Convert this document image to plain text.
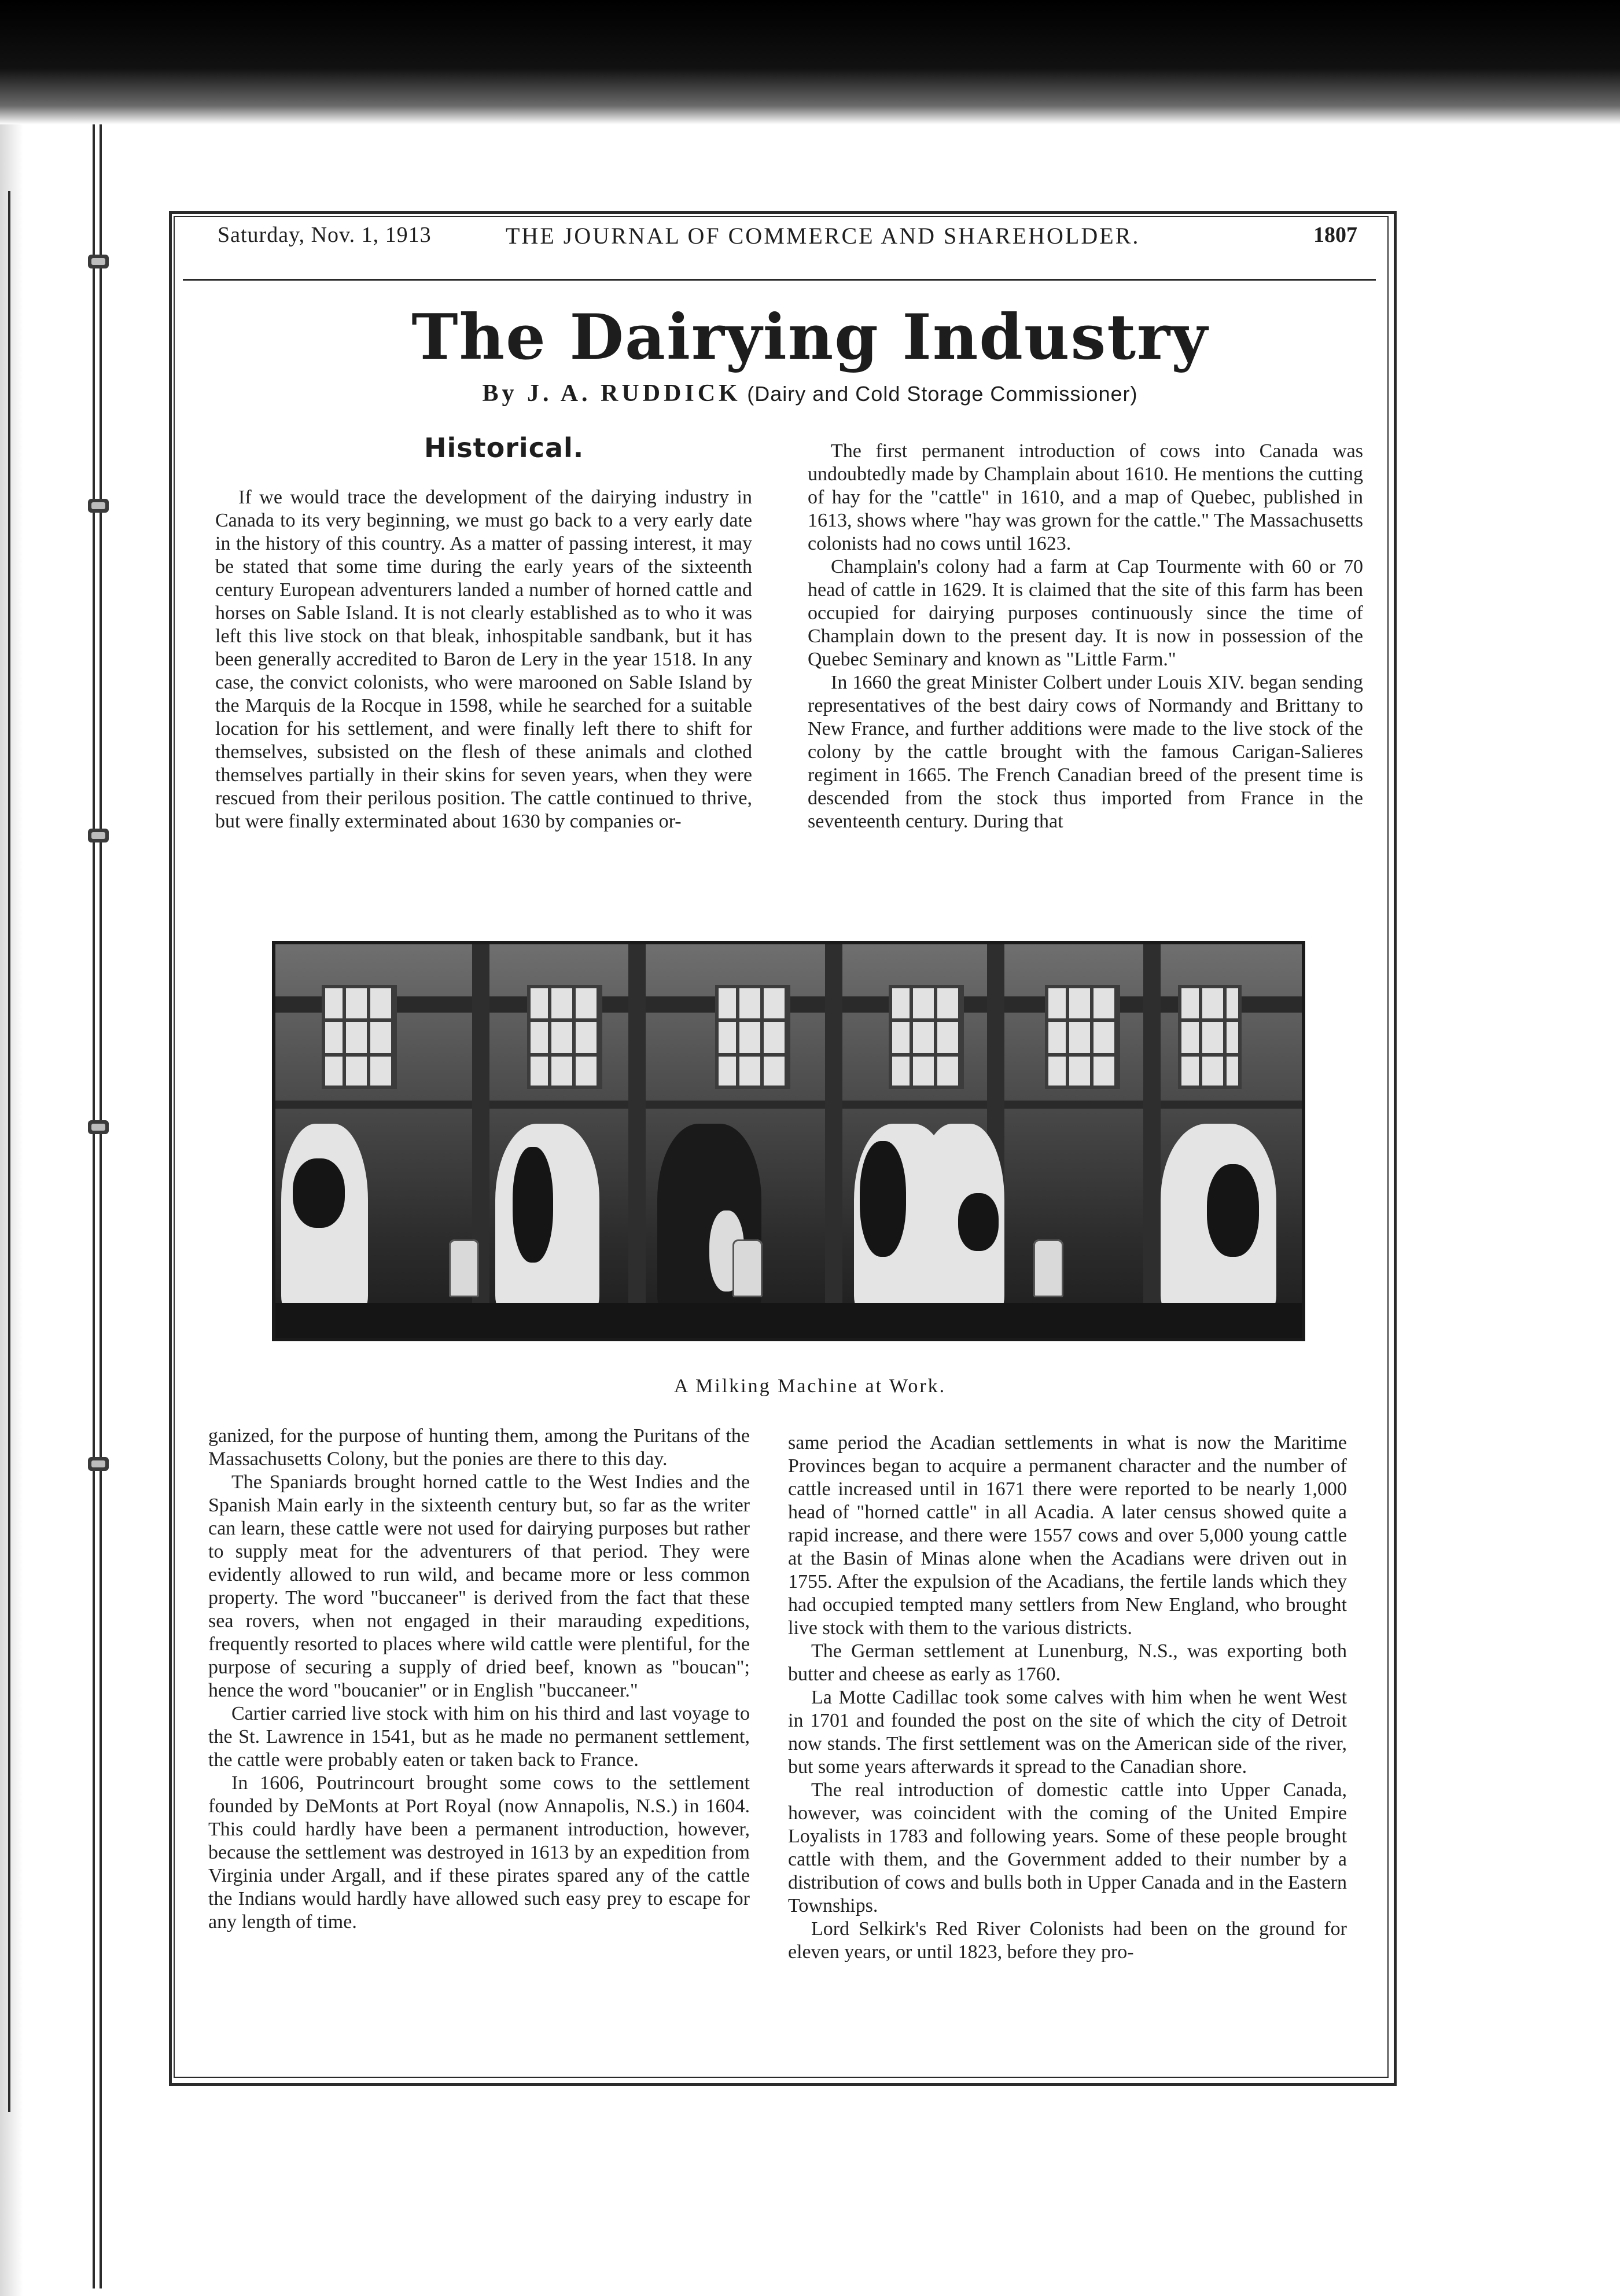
Saturday, Nov. 1, 1913	THE JOURNAL OF COMMERCE AND SHAREHOLDER.	1807
The Dairying Industry
By J. A. RUDDICK (Dairy and Cold Storage Commissioner)
Historical.

If we would trace the development of the dairying industry in Canada to its very beginning, we must go back to a very early date in the history of this country. As a matter of passing interest, it may be stated that some time during the early years of the sixteenth century European adventurers landed a number of horned cattle and horses on Sable Island. It is not clearly established as to who it was left this live stock on that bleak, inhospitable sandbank, but it has been generally accredited to Baron de Lery in the year 1518. In any case, the convict colonists, who were marooned on Sable Island by the Marquis de la Rocque in 1598, while he searched for a suitable location for his settlement, and were finally left there to shift for themselves, subsisted on the flesh of these animals and clothed themselves partially in their skins for seven years, when they were rescued from their perilous position. The cattle continued to thrive, but were finally exterminated about 1630 by companies or-

The first permanent introduction of cows into Canada was undoubtedly made by Champlain about 1610. He mentions the cutting of hay for the "cattle" in 1610, and a map of Quebec, published in 1613, shows where "hay was grown for the cattle." The Massachusetts colonists had no cows until 1623.

Champlain's colony had a farm at Cap Tourmente with 60 or 70 head of cattle in 1629. It is claimed that the site of this farm has been occupied for dairying purposes continuously since the time of Champlain down to the present day. It is now in possession of the Quebec Seminary and known as "Little Farm."

In 1660 the great Minister Colbert under Louis XIV. began sending representatives of the best dairy cows of Normandy and Brittany to New France, and further additions were made to the live stock of the colony by the cattle brought with the famous Carigan-Salieres regiment in 1665. The French Canadian breed of the present time is descended from the stock thus imported from France in the seventeenth century. During that

A Milking Machine at Work.

ganized, for the purpose of hunting them, among the Puritans of the Massachusetts Colony, but the ponies are there to this day.

The Spaniards brought horned cattle to the West Indies and the Spanish Main early in the sixteenth century but, so far as the writer can learn, these cattle were not used for dairying purposes but rather to supply meat for the adventurers of that period. They were evidently allowed to run wild, and became more or less common property. The word "buccaneer" is derived from the fact that these sea rovers, when not engaged in their marauding expeditions, frequently resorted to places where wild cattle were plentiful, for the purpose of securing a supply of dried beef, known as "boucan"; hence the word "boucanier" or in English "buccaneer."

Cartier carried live stock with him on his third and last voyage to the St. Lawrence in 1541, but as he made no permanent settlement, the cattle were probably eaten or taken back to France.

In 1606, Poutrincourt brought some cows to the settlement founded by DeMonts at Port Royal (now Annapolis, N.S.) in 1604. This could hardly have been a permanent introduction, however, because the settlement was destroyed in 1613 by an expedition from Virginia under Argall, and if these pirates spared any of the cattle the Indians would hardly have allowed such easy prey to escape for any length of time.

same period the Acadian settlements in what is now the Maritime Provinces began to acquire a permanent character and the number of cattle increased until in 1671 there were reported to be nearly 1,000 head of "horned cattle" in all Acadia. A later census showed quite a rapid increase, and there were 1557 cows and over 5,000 young cattle at the Basin of Minas alone when the Acadians were driven out in 1755. After the expulsion of the Acadians, the fertile lands which they had occupied tempted many settlers from New England, who brought live stock with them to the various districts.

The German settlement at Lunenburg, N.S., was exporting both butter and cheese as early as 1760.

La Motte Cadillac took some calves with him when he went West in 1701 and founded the post on the site of which the city of Detroit now stands. The first settlement was on the American side of the river, but some years afterwards it spread to the Canadian shore.

The real introduction of domestic cattle into Upper Canada, however, was coincident with the coming of the United Empire Loyalists in 1783 and following years. Some of these people brought cattle with them, and the Government added to their number by a distribution of cows and bulls both in Upper Canada and in the Eastern Townships.

Lord Selkirk's Red River Colonists had been on the ground for eleven years, or until 1823, before they pro-
